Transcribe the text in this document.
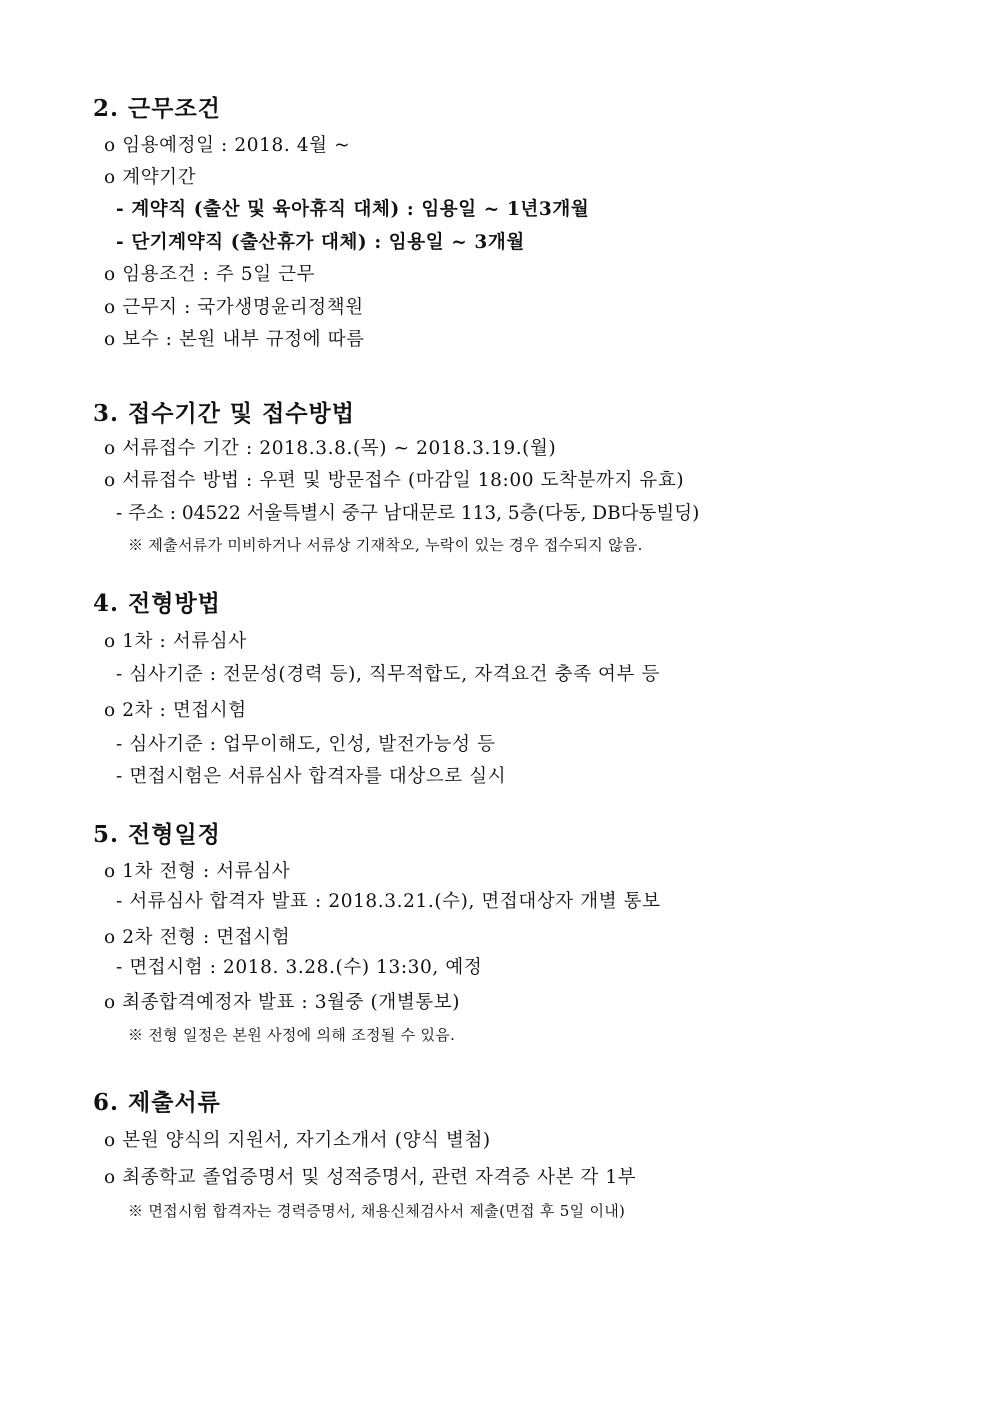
2. 근무조건
o 임용예정일 : 2018. 4월 ~
o 계약기간
- 계약직 (출산 및 육아휴직 대체) : 임용일 ~ 1년3개월
- 단기계약직 (출산휴가 대체) : 임용일 ~ 3개월
o 임용조건 : 주 5일 근무
o 근무지 : 국가생명윤리정책원
o 보수 : 본원 내부 규정에 따름
3. 접수기간 및 접수방법
o 서류접수 기간 : 2018.3.8.(목) ∼ 2018.3.19.(월)
o 서류접수 방법 : 우편 및 방문접수 (마감일 18:00 도착분까지 유효)
- 주소 : 04522 서울특별시 중구 남대문로 113, 5층(다동, DB다동빌딩)
※ 제출서류가 미비하거나 서류상 기재착오, 누락이 있는 경우 접수되지 않음.
4. 전형방법
o 1차 : 서류심사
- 심사기준 : 전문성(경력 등), 직무적합도, 자격요건 충족 여부 등
o 2차 : 면접시험
- 심사기준 : 업무이해도, 인성, 발전가능성 등
- 면접시험은 서류심사 합격자를 대상으로 실시
5. 전형일정
o 1차 전형 : 서류심사
- 서류심사 합격자 발표 : 2018.3.21.(수), 면접대상자 개별 통보
o 2차 전형 : 면접시험
- 면접시험 : 2018. 3.28.(수) 13:30, 예정
o 최종합격예정자 발표 : 3월중 (개별통보)
※ 전형 일정은 본원 사정에 의해 조정될 수 있음.
6. 제출서류
o 본원 양식의 지원서, 자기소개서 (양식 별첨)
o 최종학교 졸업증명서 및 성적증명서, 관련 자격증 사본 각 1부
※ 면접시험 합격자는 경력증명서, 채용신체검사서 제출(면접 후 5일 이내)
